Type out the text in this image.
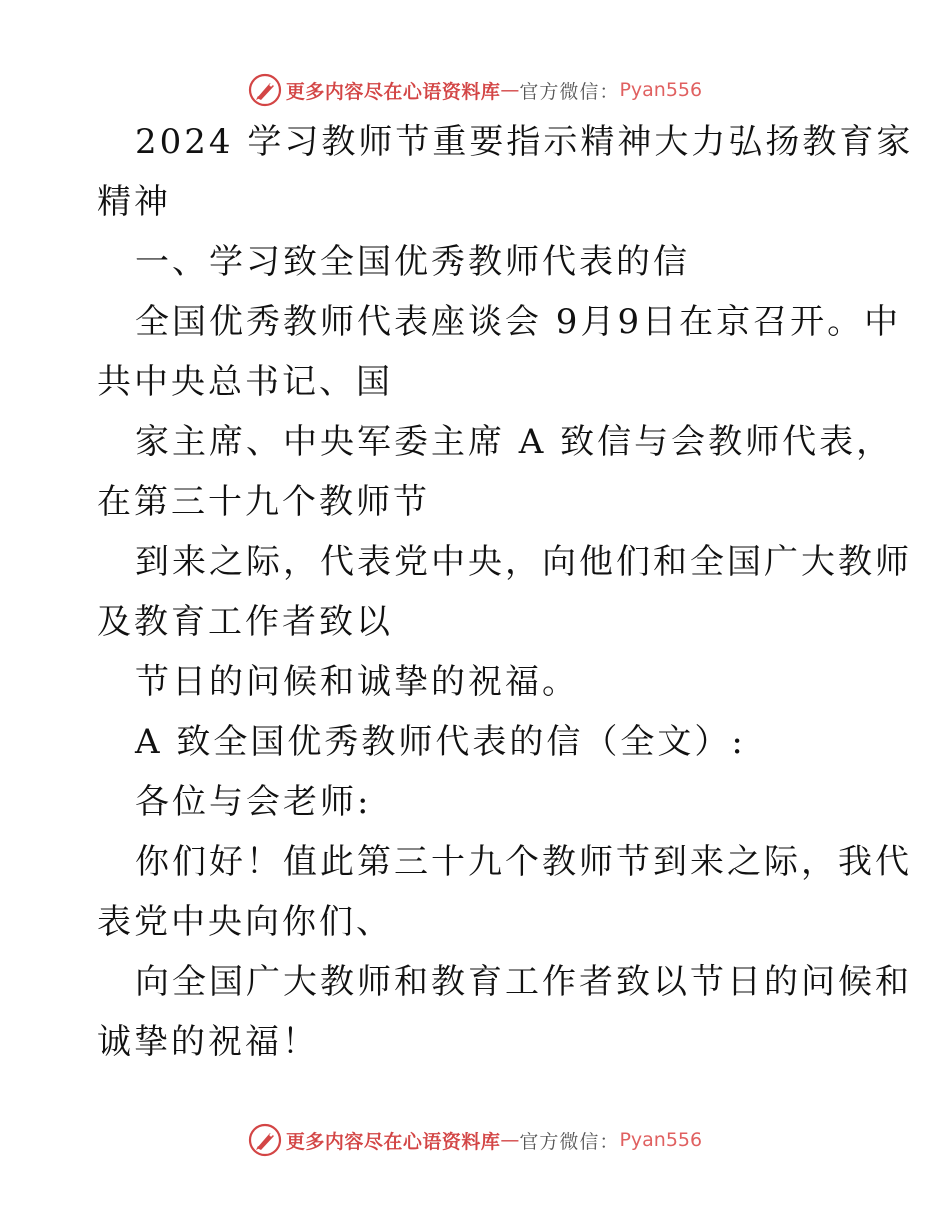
更多内容尽在心语资料库 — 官方微信： Pyan556
2024 学习教师节重要指示精神大力弘扬教育家
精神
一、学习致全国优秀教师代表的信
全国优秀教师代表座谈会 9月9日在京召开。中
共中央总书记、国
家主席、中央军委主席 A 致信与会教师代表，
在第三十九个教师节
到来之际，代表党中央，向他们和全国广大教师
及教育工作者致以
节日的问候和诚挚的祝福。
A 致全国优秀教师代表的信（全文）:
各位与会老师:
你们好！值此第三十九个教师节到来之际，我代
表党中央向你们、
向全国广大教师和教育工作者致以节日的问候和
诚挚的祝福！
更多内容尽在心语资料库 — 官方微信： Pyan556
